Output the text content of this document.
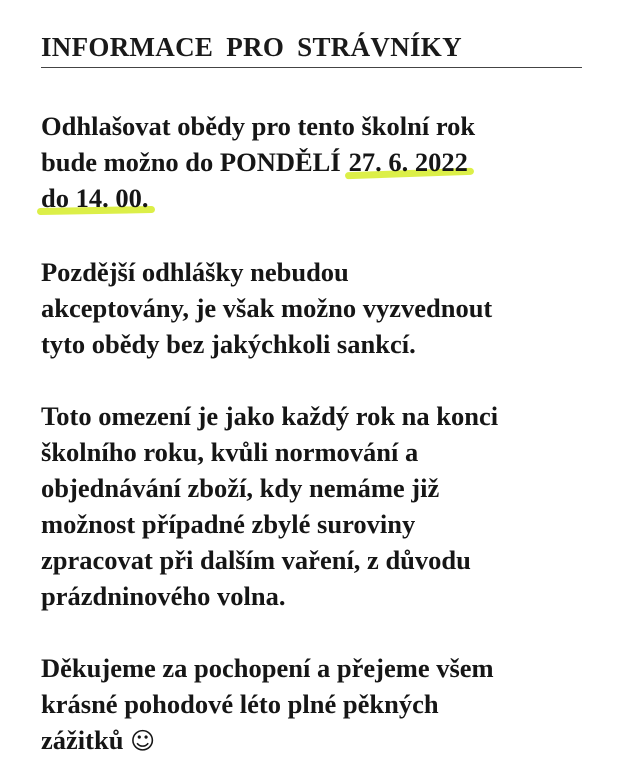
INFORMACE PRO STRÁVNÍKY

Odhlašovat obědy pro tento školní rok
bude možno do PONDĚLÍ 27. 6. 2022
do 14. 00.

Pozdější odhlášky nebudou
akceptovány, je však možno vyzvednout
tyto obědy bez jakýchkoli sankcí.

Toto omezení je jako každý rok na konci
školního roku, kvůli normování a
objednávání zboží, kdy nemáme již
možnost případné zbylé suroviny
zpracovat při dalším vaření, z důvodu
prázdninového volna.

Děkujeme za pochopení a přejeme všem
krásné pohodové léto plné pěkných
zážitků ☺
